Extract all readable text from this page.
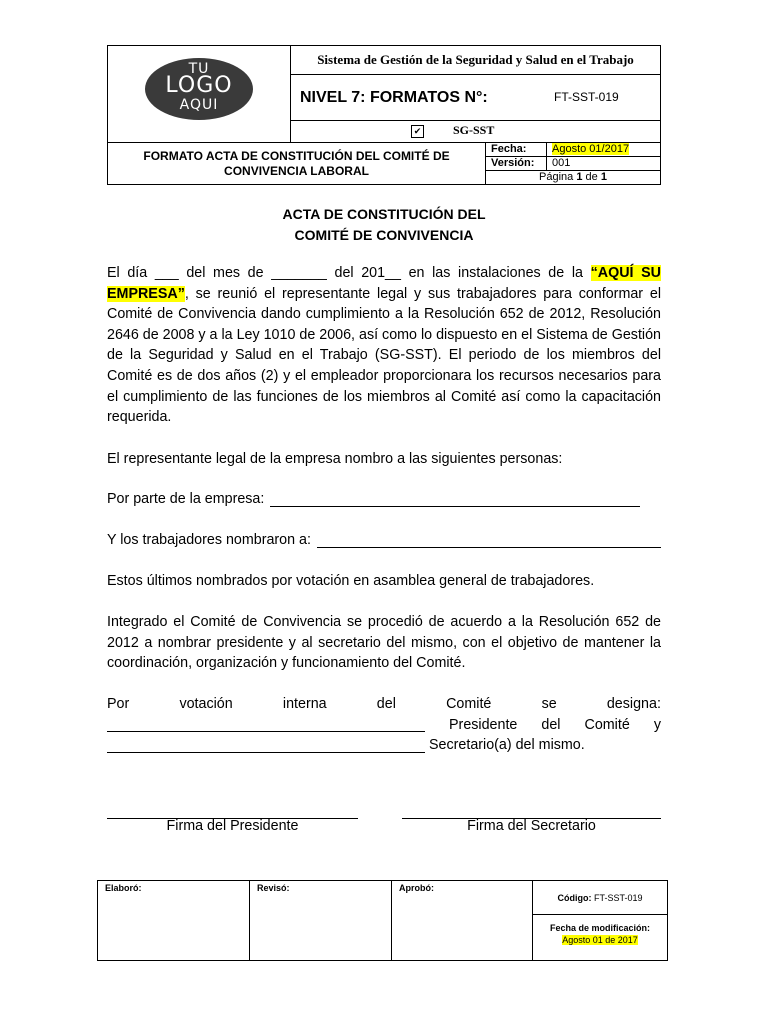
TU
LOGO
AQUI
Sistema de Gestión de la Seguridad y Salud en el Trabajo
NIVEL 7: FORMATOS N°:	FT-SST-019
✔	SG-SST
FORMATO ACTA DE CONSTITUCIÓN DEL COMITÉ DE
CONVIVENCIA LABORAL
Fecha: Agosto 01/2017
Versión: 001
Página 1 de 1
ACTA DE CONSTITUCIÓN DEL
COMITÉ DE CONVIVENCIA
El día ___ del mes de _______ del 201__ en las instalaciones de la “AQUÍ SU EMPRESA”, se reunió el representante legal y sus trabajadores para conformar el Comité de Convivencia dando cumplimiento a la Resolución 652 de 2012, Resolución 2646 de 2008 y a la Ley 1010 de 2006, así como lo dispuesto en el Sistema de Gestión de la Seguridad y Salud en el Trabajo (SG-SST). El periodo de los miembros del Comité es de dos años (2) y el empleador proporcionara los recursos necesarios para el cumplimiento de las funciones de los miembros al Comité así como la capacitación requerida.
El representante legal de la empresa nombro a las siguientes personas:
Por parte de la empresa:
Y los trabajadores nombraron a:
Estos últimos nombrados por votación en asamblea general de trabajadores.
Integrado el Comité de Convivencia se procedió de acuerdo a la Resolución 652 de 2012 a nombrar presidente y al secretario del mismo, con el objetivo de mantener la coordinación, organización y funcionamiento del Comité.
Por	votación	interna	del	Comité	se	designa:
Presidente del Comité y
Secretario(a) del mismo.
Firma del Presidente	Firma del Secretario
Elaboró:	Revisó:	Aprobó:
Código: FT-SST-019
Fecha de modificación:
Agosto 01 de 2017
